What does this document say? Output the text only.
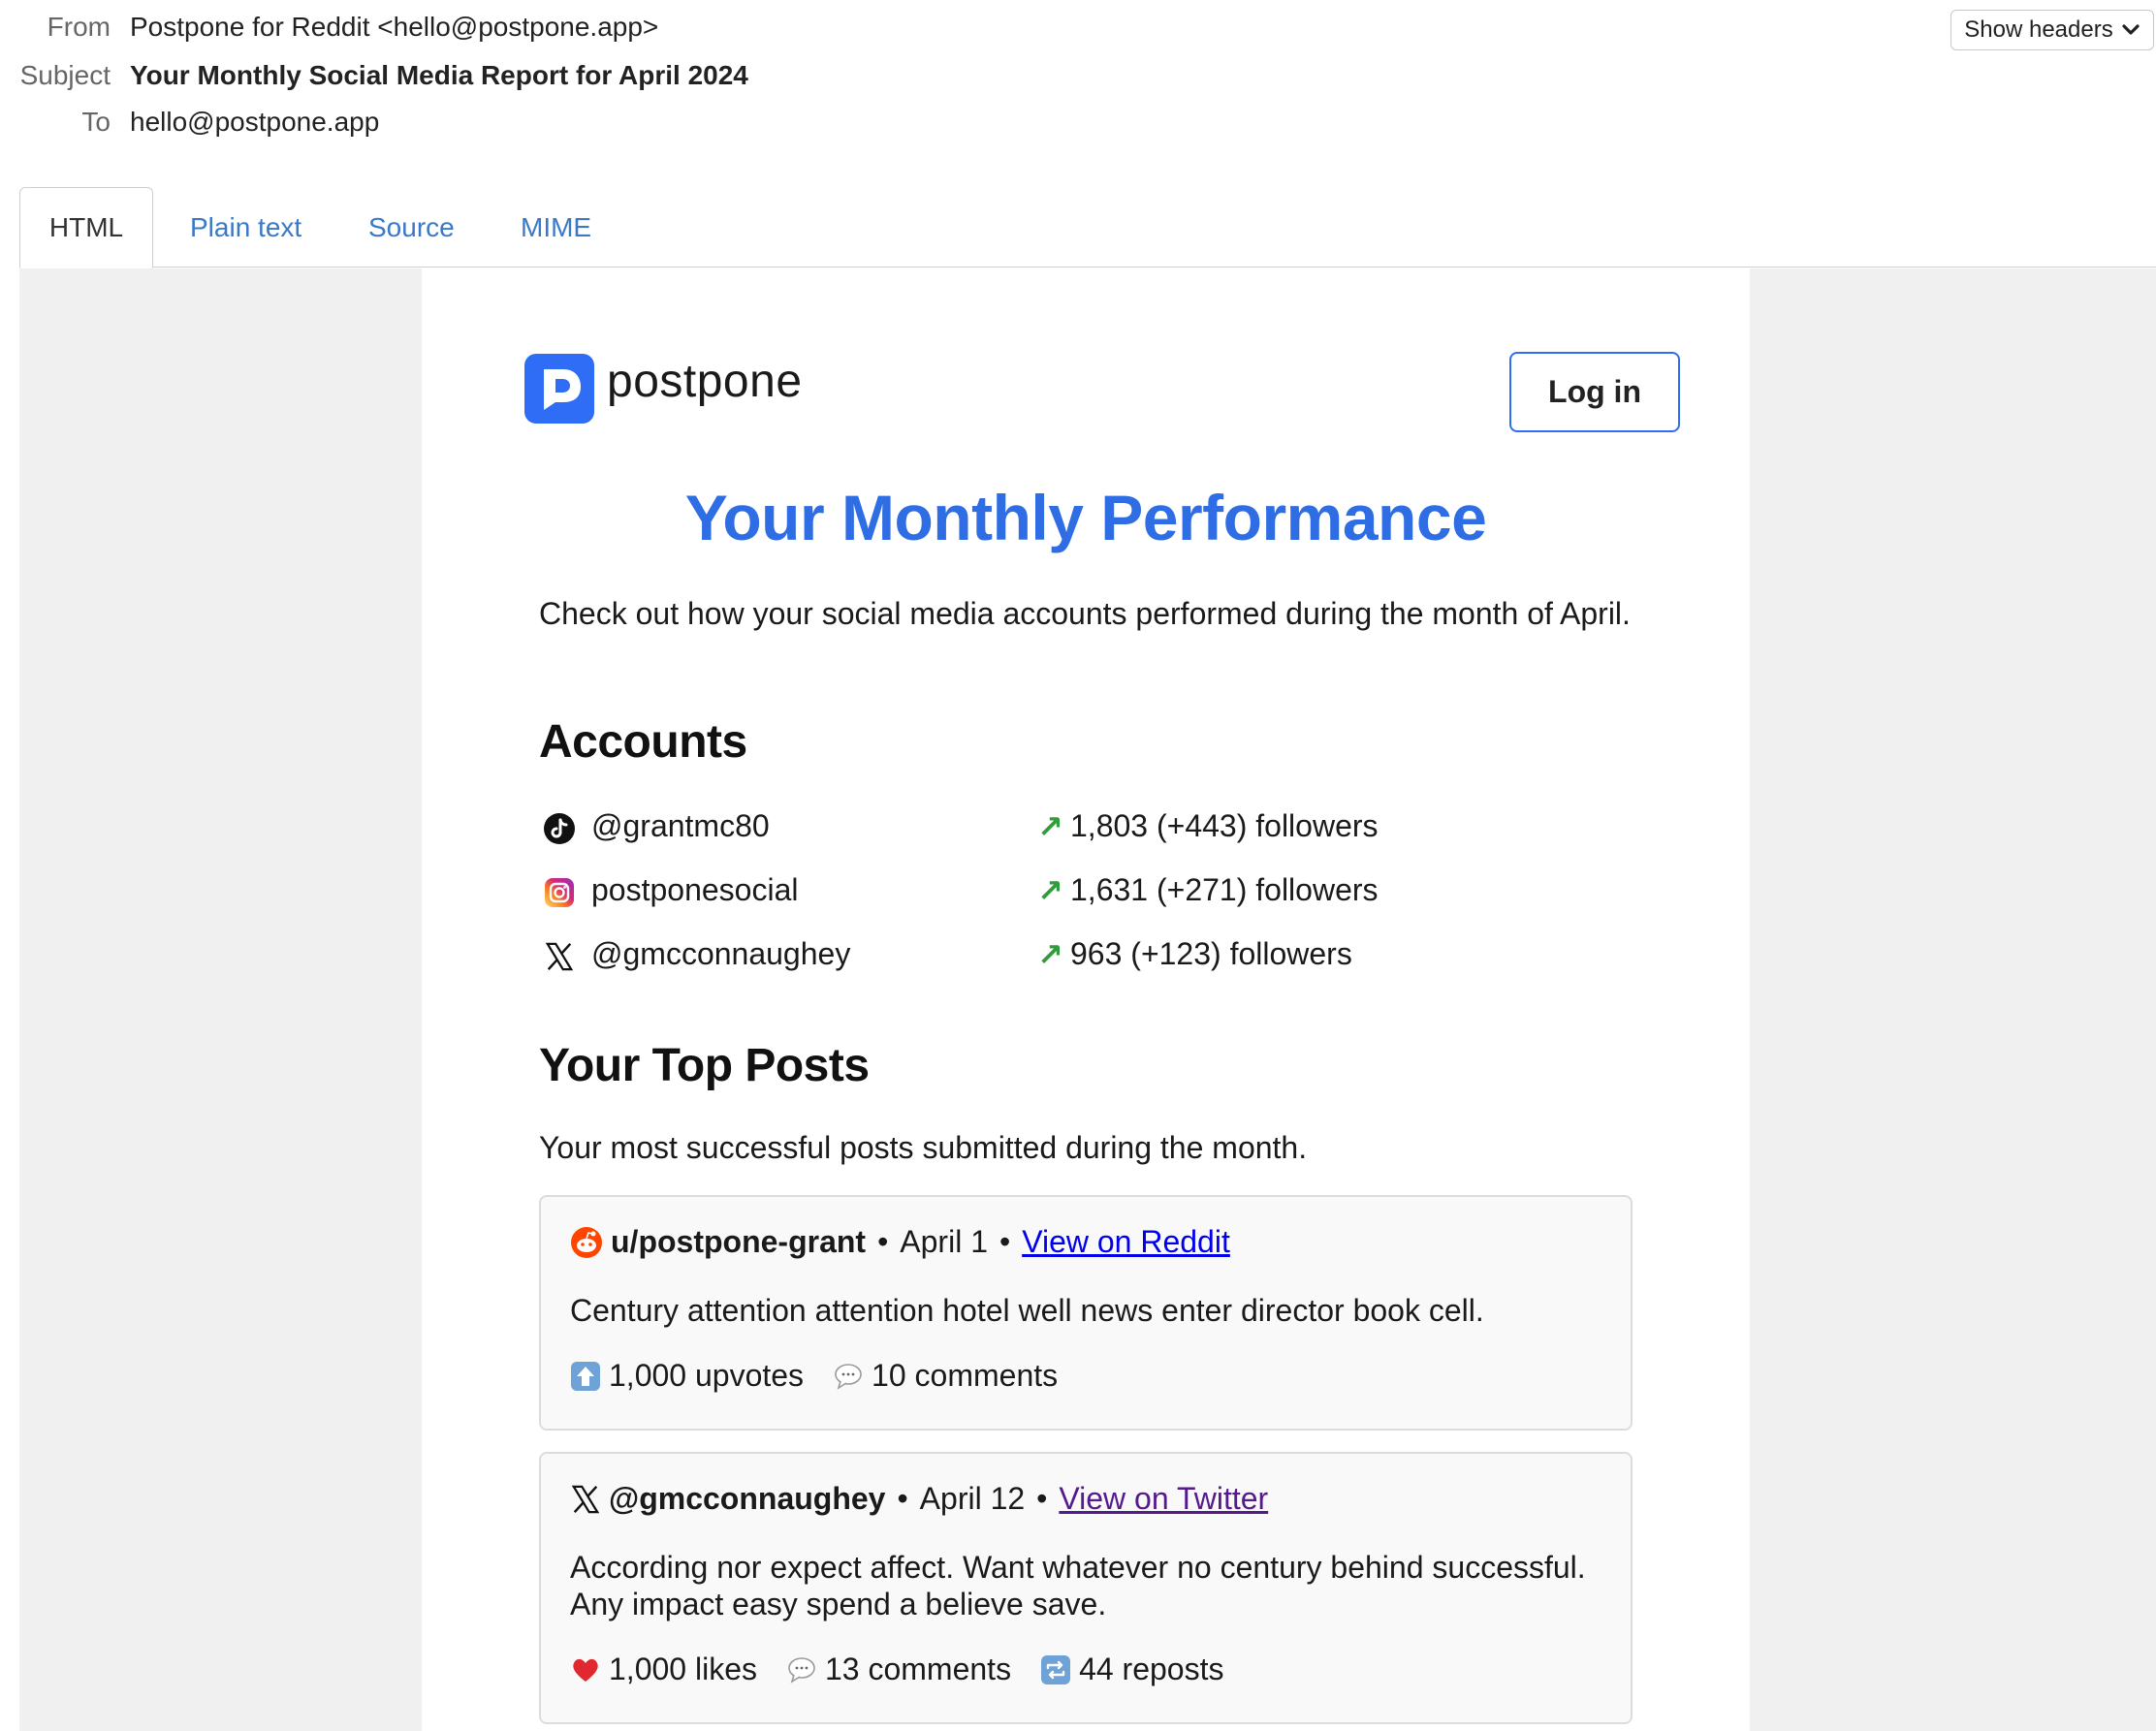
From Postpone for Reddit <hello@postpone.app>
Subject Your Monthly Social Media Report for April 2024
To hello@postpone.app
Show headers
HTML Plain text Source MIME
postpone	Log in
Your Monthly Performance
Check out how your social media accounts performed during the month of April.
Accounts
@grantmc80	↗ 1,803 (+443) followers
postponesocial	↗ 1,631 (+271) followers
@gmcconnaughey	↗ 963 (+123) followers
Your Top Posts
Your most successful posts submitted during the month.
u/postpone-grant • April 1 • View on Reddit
Century attention attention hotel well news enter director book cell.
1,000 upvotes 10 comments
@gmcconnaughey • April 12 • View on Twitter
According nor expect affect. Want whatever no century behind successful. Any impact easy spend a believe save.
1,000 likes 13 comments 44 reposts
